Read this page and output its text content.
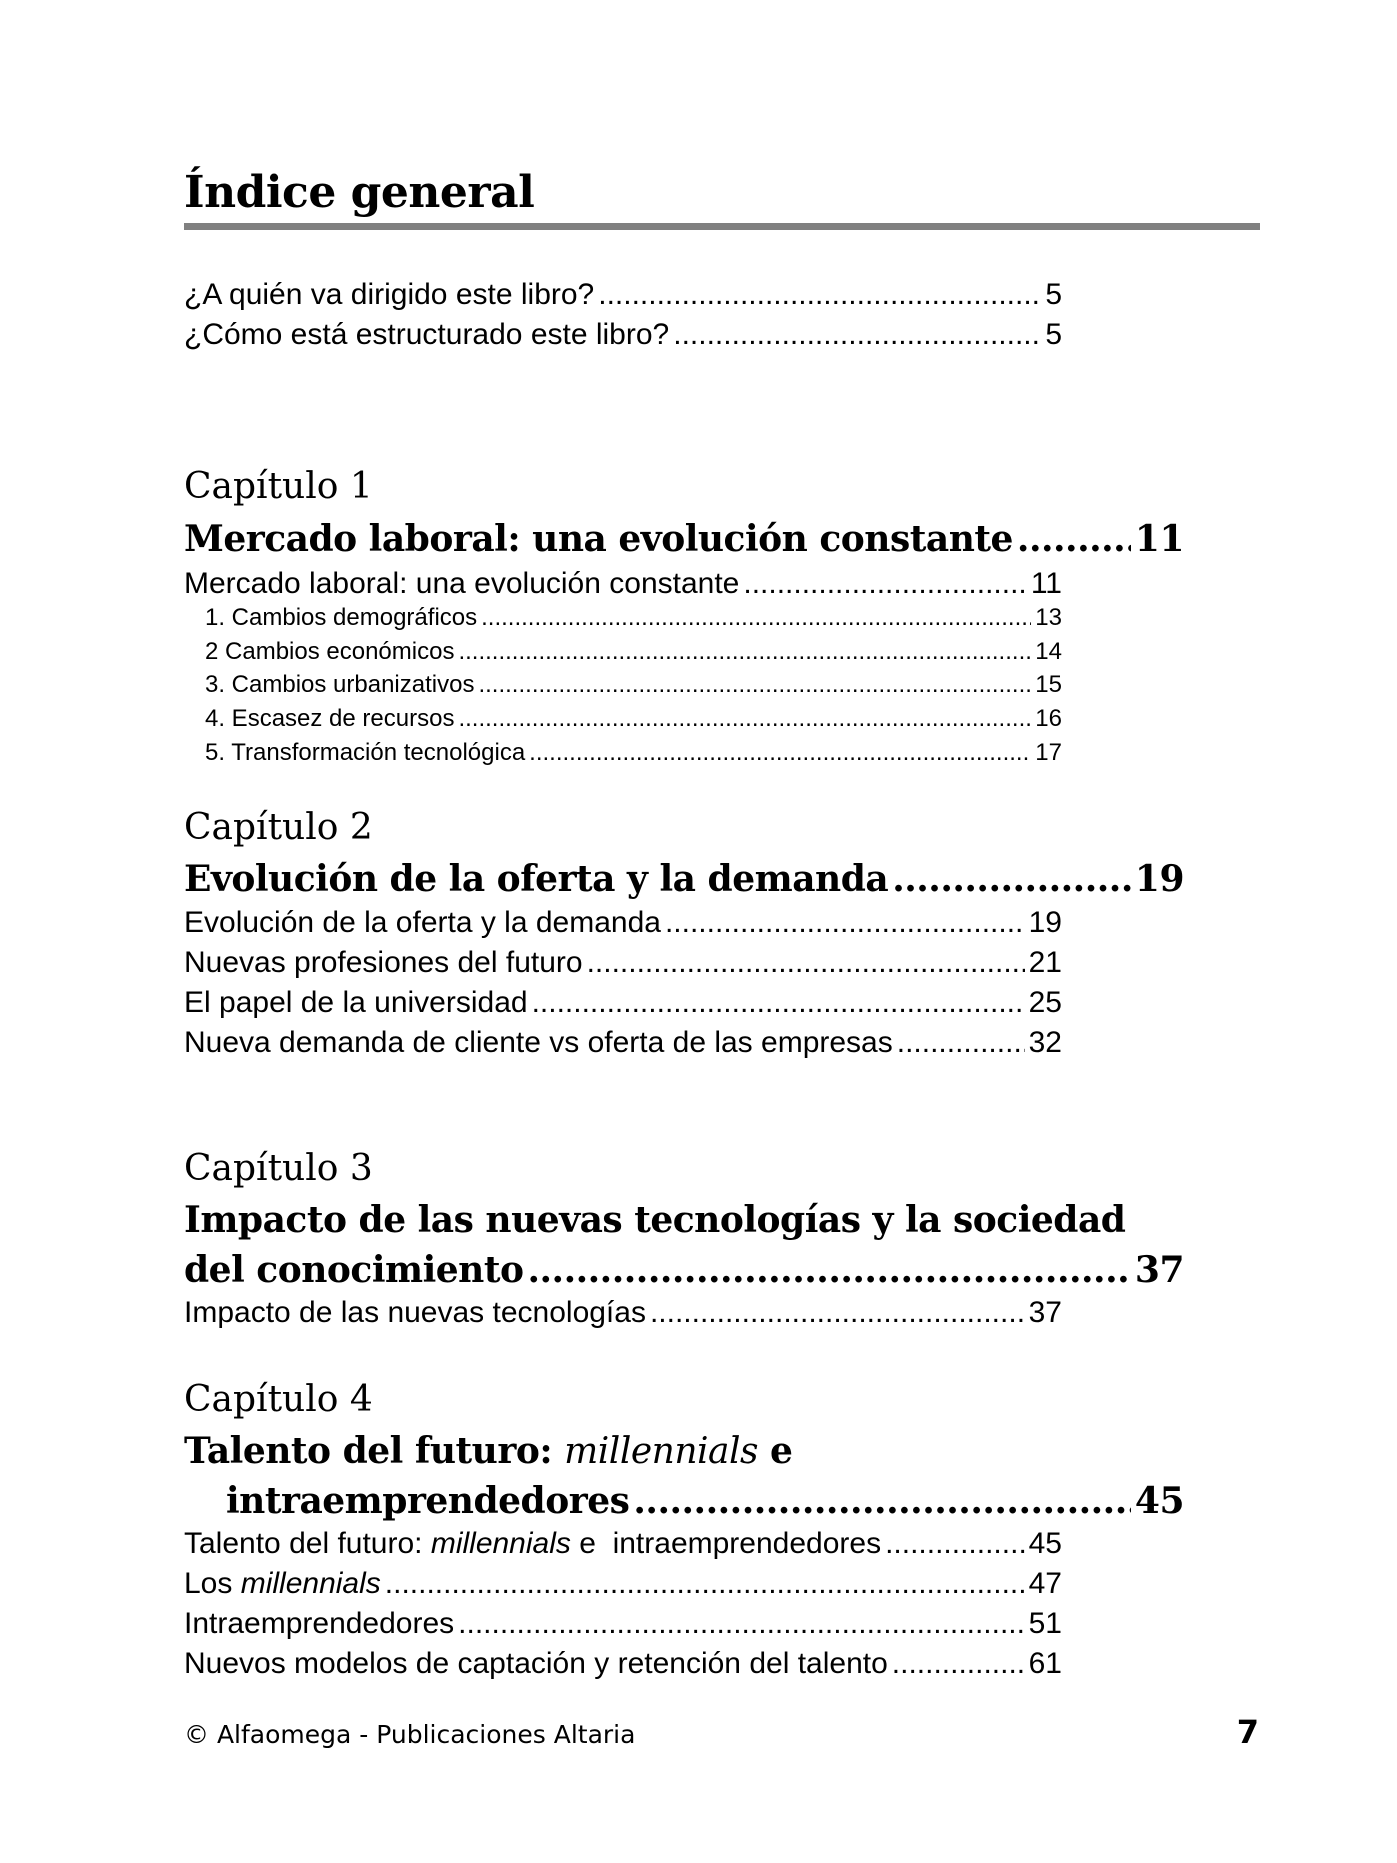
Índice general
¿A quién va dirigido este libro? .....	5
¿Cómo está estructurado este libro? .....	5
Capítulo 1
Mercado laboral: una evolución constante .....	11
Mercado laboral: una evolución constante .....	11
1. Cambios demográficos .....	13
2 Cambios económicos .....	14
3. Cambios urbanizativos .....	15
4. Escasez de recursos .....	16
5. Transformación tecnológica .....	17
Capítulo 2
Evolución de la oferta y la demanda .....	19
Evolución de la oferta y la demanda .....	19
Nuevas profesiones del futuro .....	21
El papel de la universidad .....	25
Nueva demanda de cliente vs oferta de las empresas .....	32
Capítulo 3
Impacto de las nuevas tecnologías y la sociedad
del conocimiento .....	37
Impacto de las nuevas tecnologías .....	37
Capítulo 4
Talento del futuro: millennials e
intraemprendedores .....	45
Talento del futuro: millennials e  intraemprendedores .....	45
Los millennials .....	47
Intraemprendedores .....	51
Nuevos modelos de captación y retención del talento .....	61
© Alfaomega - Publicaciones Altaria	7
